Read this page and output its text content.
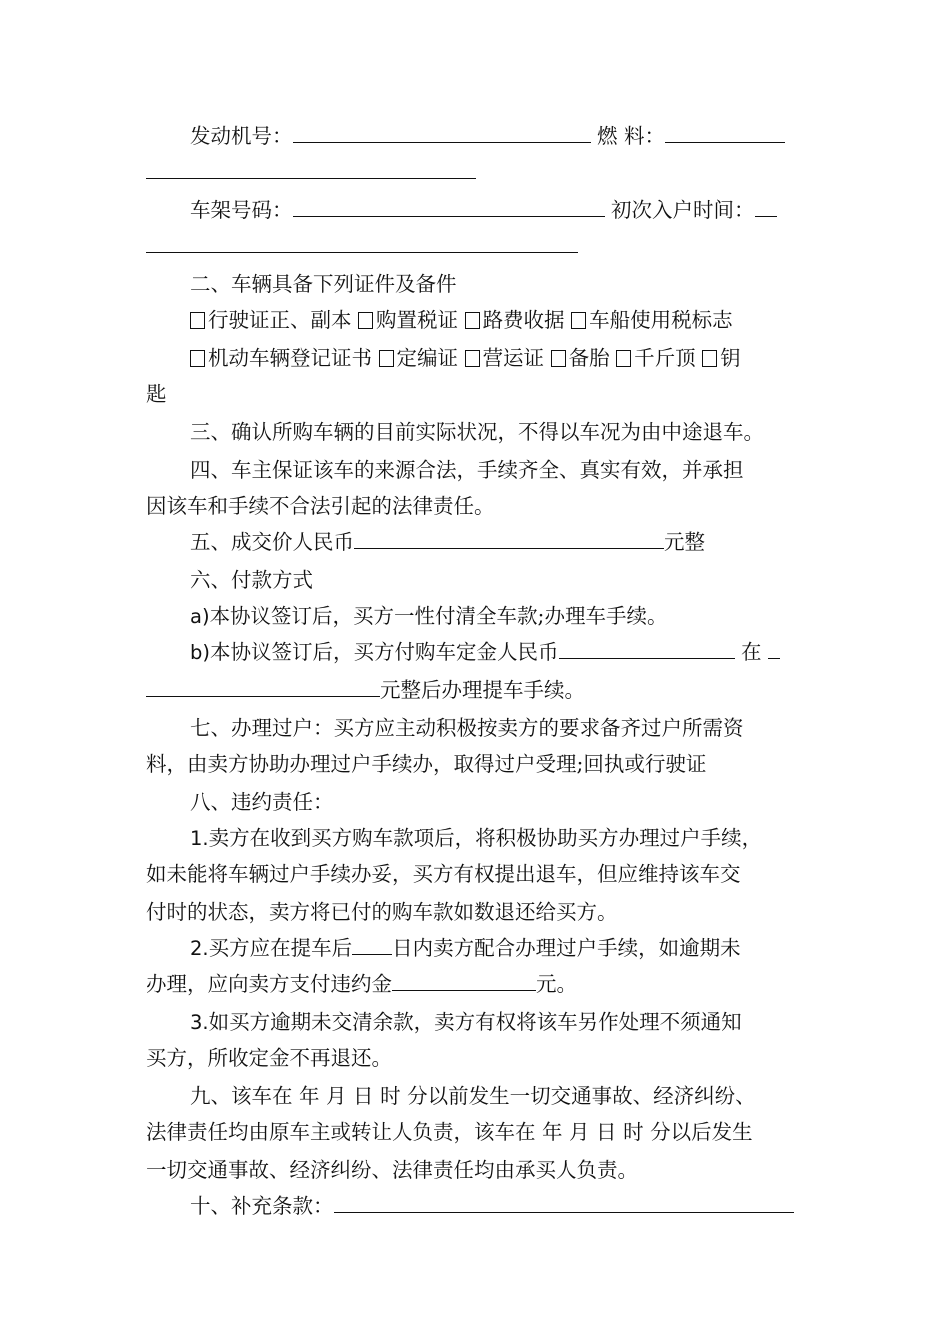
发动机号：	燃 料：
车架号码：	初次入户时间：
二、车辆具备下列证件及备件
行驶证正、副本 购置税证 路费收据 车船使用税标志
机动车辆登记证书 定编证 营运证 备胎 千斤顶 钥
匙
三、确认所购车辆的目前实际状况，不得以车况为由中途退车。
四、车主保证该车的来源合法，手续齐全、真实有效，并承担
因该车和手续不合法引起的法律责任。
五、成交价人民币	元整
六、付款方式
a)本协议签订后，买方一性付清全车款;办理车手续。
b)本协议签订后，买方付购车定金人民币	在
元整后办理提车手续。
七、办理过户：买方应主动积极按卖方的要求备齐过户所需资
料，由卖方协助办理过户手续办，取得过户受理;回执或行驶证
八、违约责任：
1.卖方在收到买方购车款项后，将积极协助买方办理过户手续，
如未能将车辆过户手续办妥，买方有权提出退车，但应维持该车交
付时的状态，卖方将已付的购车款如数退还给买方。
2.买方应在提车后 日内卖方配合办理过户手续，如逾期未
办理，应向卖方支付违约金	元。
3.如买方逾期未交清余款，卖方有权将该车另作处理不须通知
买方，所收定金不再退还。
九、该车在 年 月 日 时 分以前发生一切交通事故、经济纠纷、
法律责任均由原车主或转让人负责，该车在 年 月 日 时 分以后发生
一切交通事故、经济纠纷、法律责任均由承买人负责。
十、补充条款：
